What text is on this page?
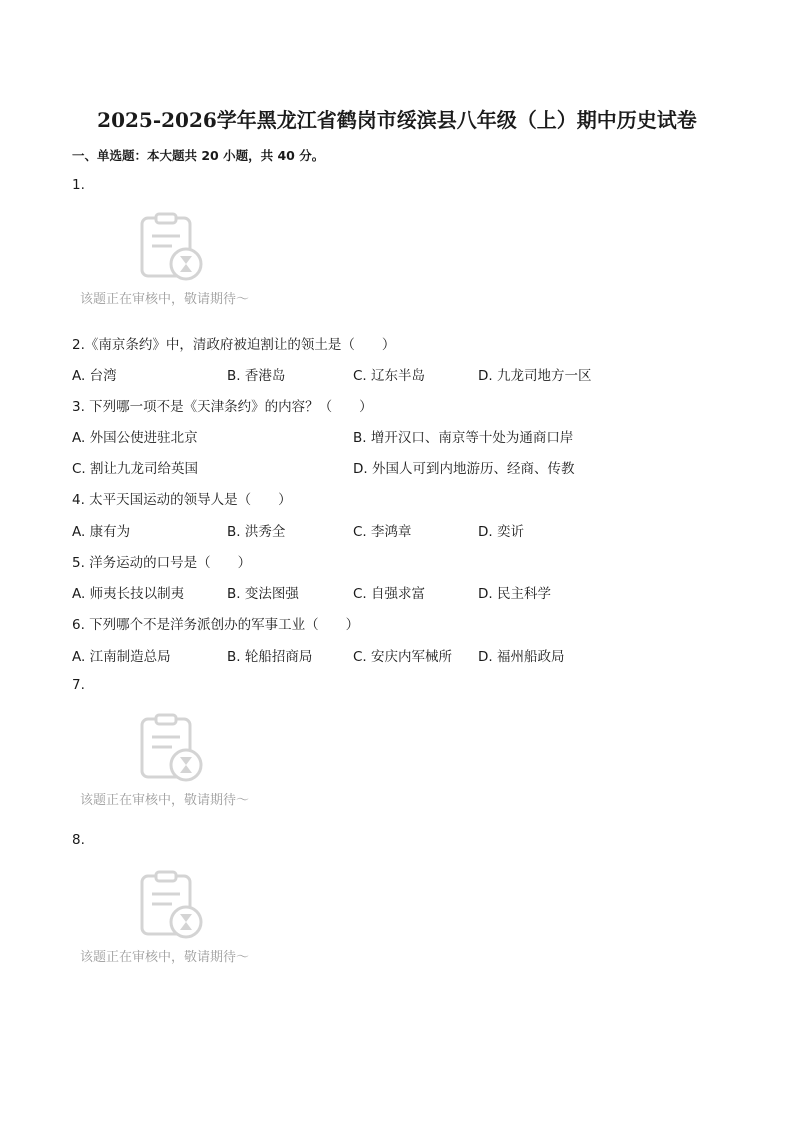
2025-2026学年黑龙江省鹤岗市绥滨县八年级（上）期中历史试卷
一、单选题：本大题共 20 小题，共 40 分。
1.
该题正在审核中，敬请期待～
2.《南京条约》中，清政府被迫割让的领土是（　　）
A. 台湾	B. 香港岛	C. 辽东半岛	D. 九龙司地方一区
3. 下列哪一项不是《天津条约》的内容？（　　）
A. 外国公使进驻北京	B. 增开汉口、南京等十处为通商口岸
C. 割让九龙司给英国	D. 外国人可到内地游历、经商、传教
4. 太平天国运动的领导人是（　　）
A. 康有为	B. 洪秀全	C. 李鸿章	D. 奕䜣
5. 洋务运动的口号是（　　）
A. 师夷长技以制夷	B. 变法图强	C. 自强求富	D. 民主科学
6. 下列哪个不是洋务派创办的军事工业（　　）
A. 江南制造总局	B. 轮船招商局	C. 安庆内军械所 D. 福州船政局
7.
该题正在审核中，敬请期待～
8.
该题正在审核中，敬请期待～
